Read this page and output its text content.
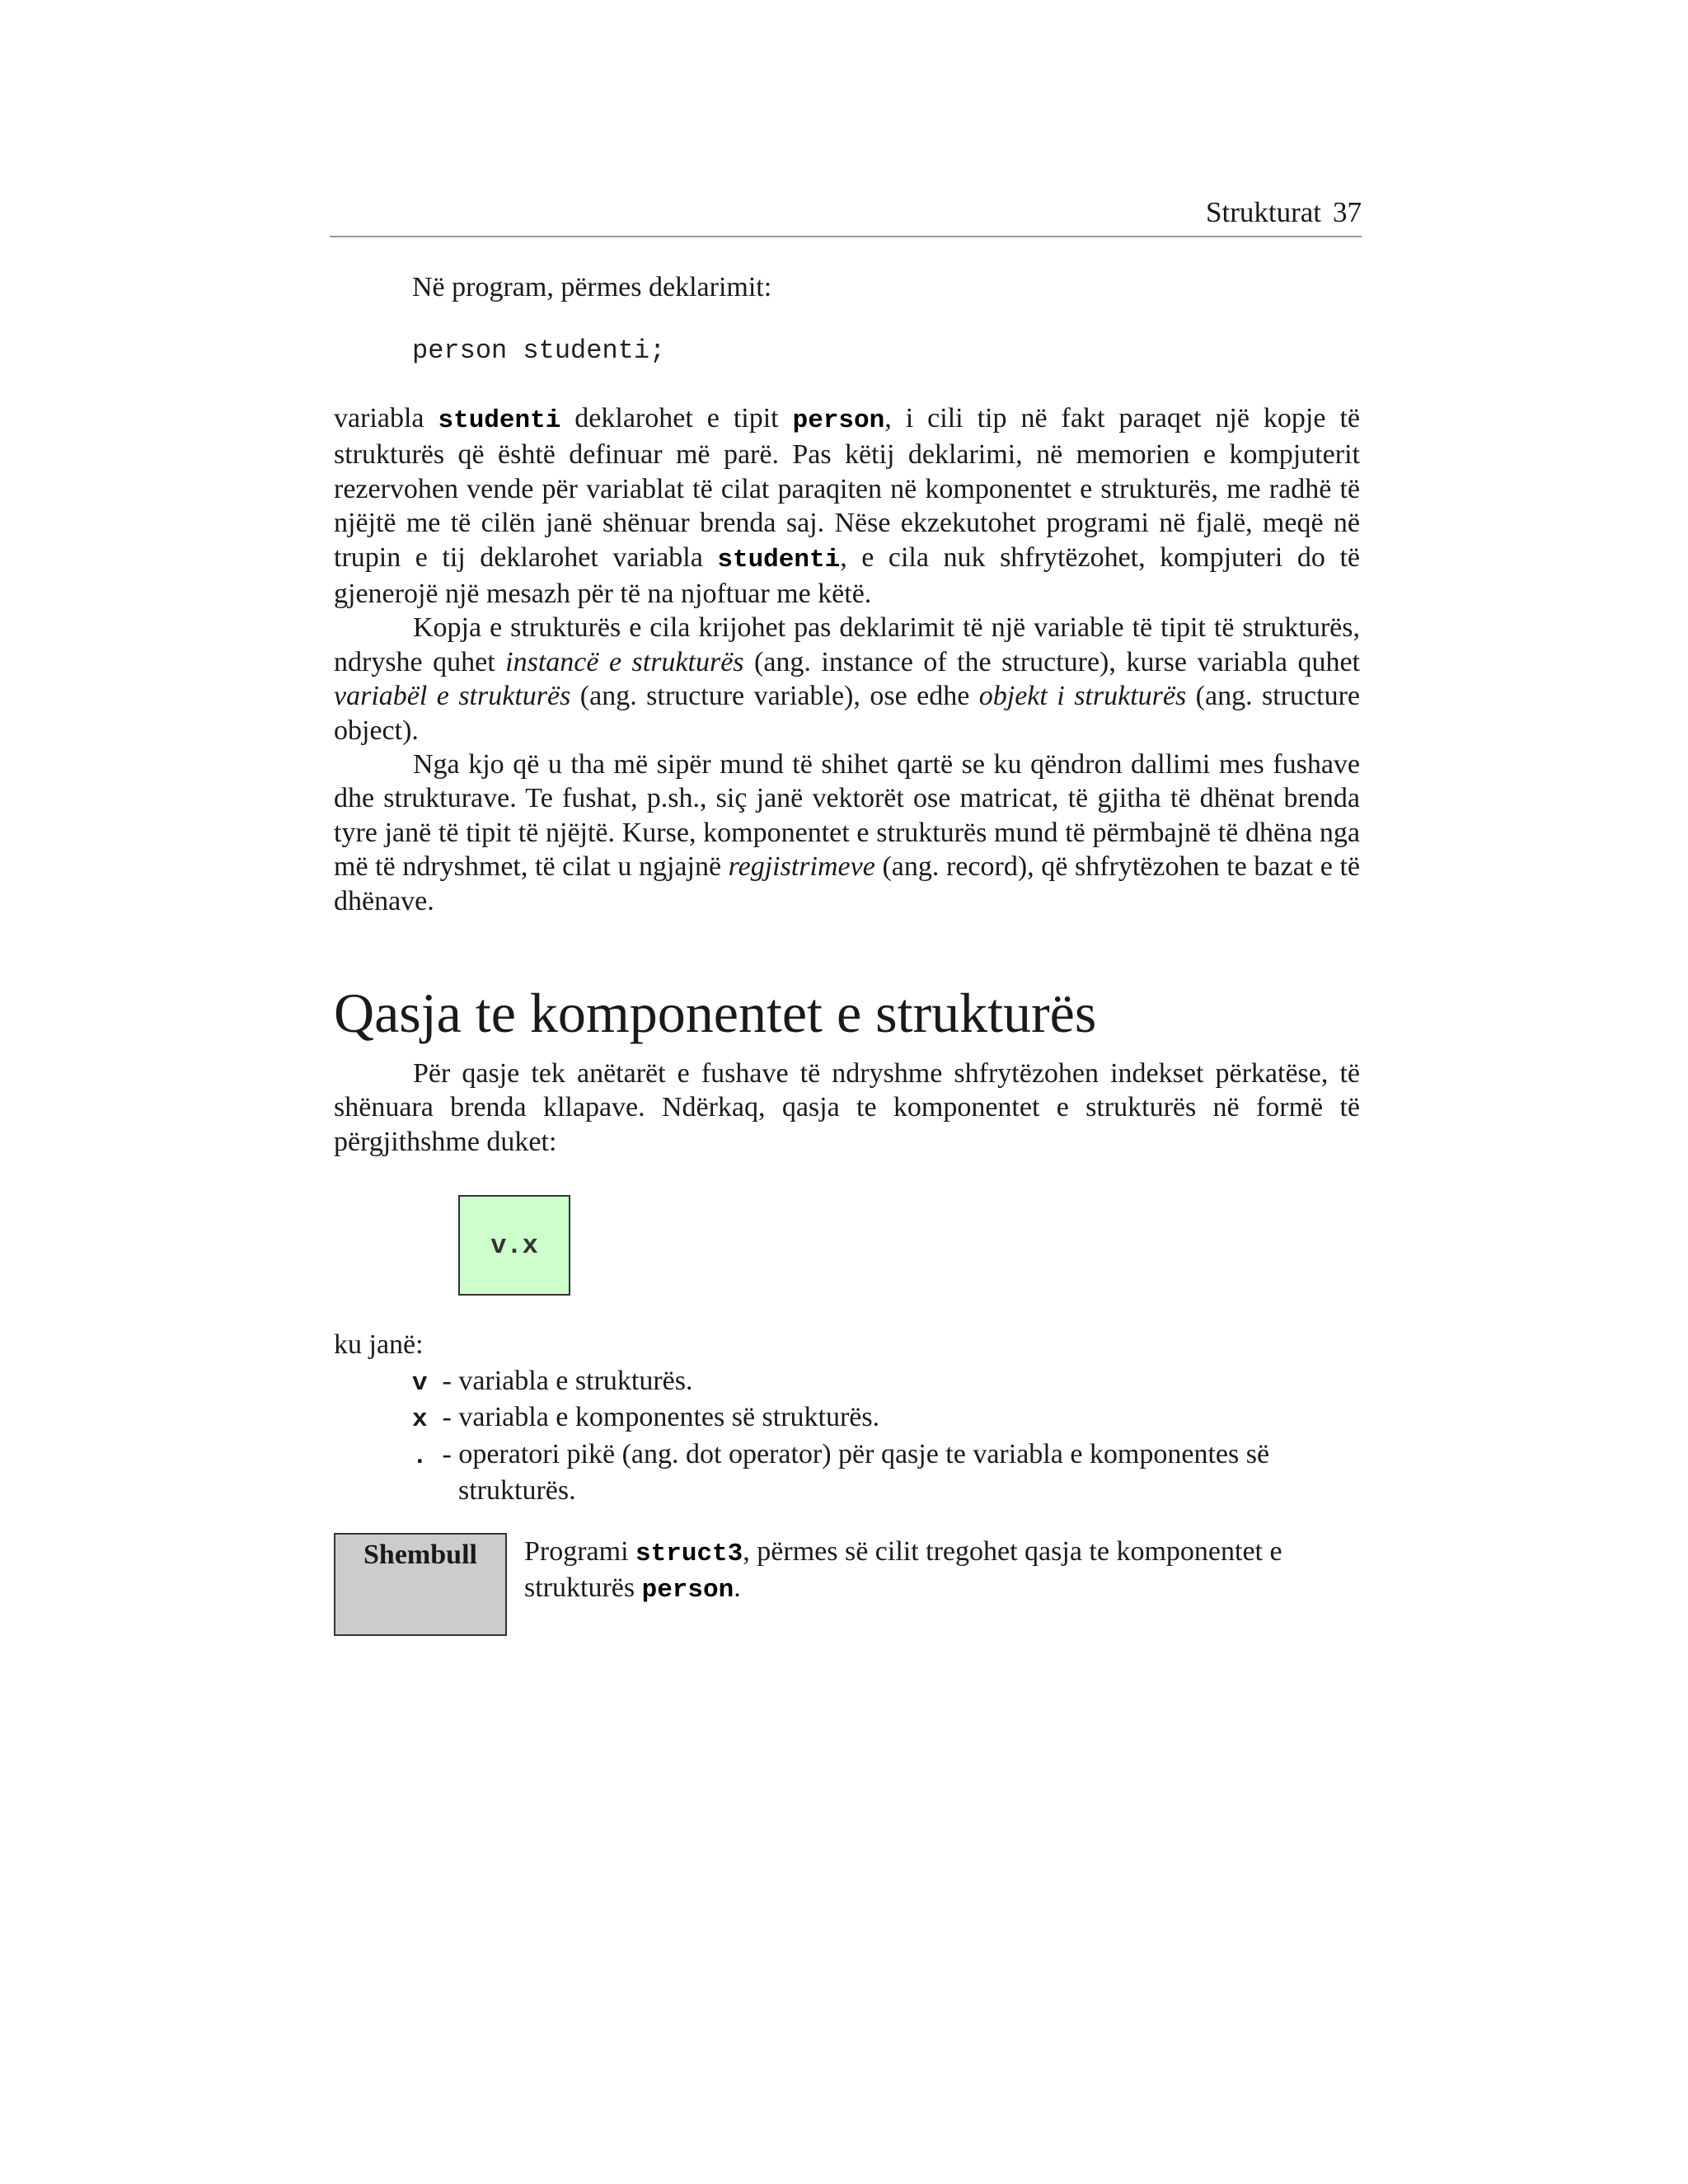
Strukturat 37
Në program, përmes deklarimit:
person studenti;

variabla studenti deklarohet e tipit person, i cili tip në fakt paraqet një kopje të strukturës që është definuar më parë. Pas këtij deklarimi, në memorien e kompjuterit rezervohen vende për variablat të cilat paraqiten në komponentet e strukturës, me radhë të njëjtë me të cilën janë shënuar brenda saj. Nëse ekzekutohet programi në fjalë, meqë në trupin e tij deklarohet variabla studenti, e cila nuk shfrytëzohet, kompjuteri do të gjenerojë një mesazh për të na njoftuar me këtë.

Kopja e strukturës e cila krijohet pas deklarimit të një variable të tipit të strukturës, ndryshe quhet instancë e strukturës (ang. instance of the structure), kurse variabla quhet variabël e strukturës (ang. structure variable), ose edhe objekt i strukturës (ang. structure object).

Nga kjo që u tha më sipër mund të shihet qartë se ku qëndron dallimi mes fushave dhe strukturave. Te fushat, p.sh., siç janë vektorët ose matricat, të gjitha të dhënat brenda tyre janë të tipit të njëjtë. Kurse, komponentet e strukturës mund të përmbajnë të dhëna nga më të ndryshmet, të cilat u ngjajnë regjistrimeve (ang. record), që shfrytëzohen te bazat e të dhënave.

Qasja te komponentet e strukturës

Për qasje tek anëtarët e fushave të ndryshme shfrytëzohen indekset përkatëse, të shënuara brenda kllapave. Ndërkaq, qasja te komponentet e strukturës në formë të përgjithshme duket:

v.x
ku janë:
v - variabla e strukturës.
x - variabla e komponentes së strukturës.
. - operatori pikë (ang. dot operator) për qasje te variabla e komponentes së strukturës.
Shembull	Programi struct3, përmes së cilit tregohet qasja te komponentet e strukturës person.
